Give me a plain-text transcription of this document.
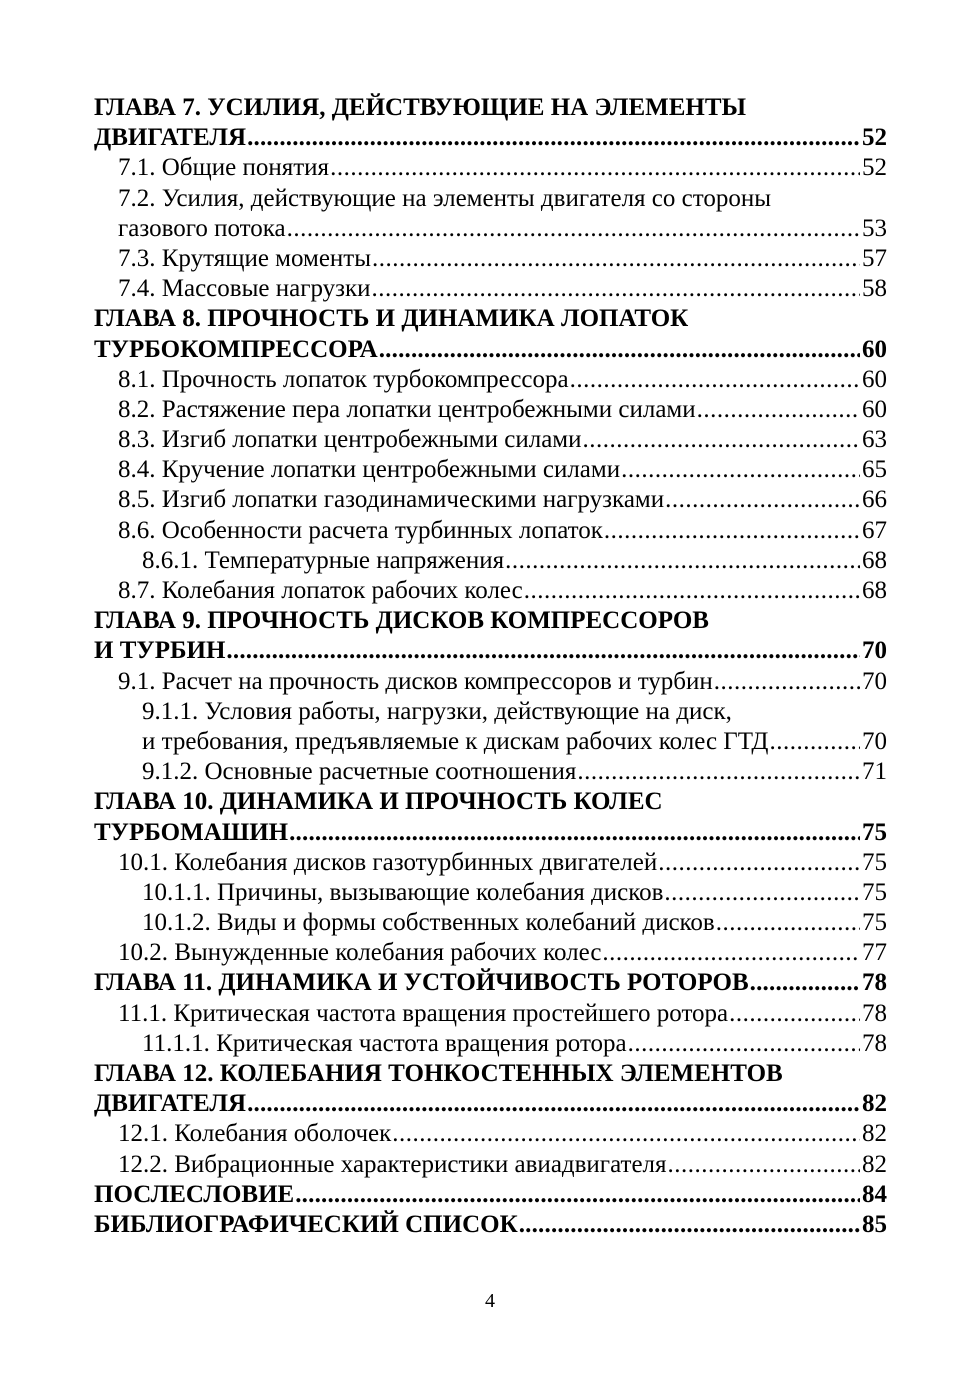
ГЛАВА 7. УСИЛИЯ, ДЕЙСТВУЮЩИЕ НА ЭЛЕМЕНТЫ
ДВИГАТЕЛЯ .....	52
7.1. Общие понятия .....	52
7.2. Усилия, действующие на элементы двигателя со стороны
газового потока .....	53
7.3. Крутящие моменты .....	57
7.4. Массовые нагрузки .....	58
ГЛАВА 8. ПРОЧНОСТЬ И ДИНАМИКА ЛОПАТОК
ТУРБОКОМПРЕССОРА .....	60
8.1. Прочность лопаток турбокомпрессора .....	60
8.2. Растяжение пера лопатки центробежными силами .....	60
8.3. Изгиб лопатки центробежными силами .....	63
8.4. Кручение лопатки центробежными силами .....	65
8.5. Изгиб лопатки газодинамическими нагрузками .....	66
8.6. Особенности расчета турбинных лопаток .....	67
8.6.1. Температурные напряжения .....	68
8.7. Колебания лопаток рабочих колес .....	68
ГЛАВА 9. ПРОЧНОСТЬ ДИСКОВ КОМПРЕССОРОВ
И ТУРБИН .....	70
9.1. Расчет на прочность дисков компрессоров и турбин .....	70
9.1.1. Условия работы, нагрузки, действующие на диск,
и требования, предъявляемые к дискам рабочих колес ГТД .....	70
9.1.2. Основные расчетные соотношения .....	71
ГЛАВА 10. ДИНАМИКА И ПРОЧНОСТЬ КОЛЕС
ТУРБОМАШИН .....	75
10.1. Колебания дисков газотурбинных двигателей .....	75
10.1.1. Причины, вызывающие колебания дисков .....	75
10.1.2. Виды и формы собственных колебаний дисков .....	75
10.2. Вынужденные колебания рабочих колес .....	77
ГЛАВА 11. ДИНАМИКА И УСТОЙЧИВОСТЬ РОТОРОВ .....	78
11.1. Критическая частота вращения простейшего ротора .....	78
11.1.1. Критическая частота вращения ротора .....	78
ГЛАВА 12. КОЛЕБАНИЯ ТОНКОСТЕННЫХ ЭЛЕМЕНТОВ
ДВИГАТЕЛЯ .....	82
12.1. Колебания оболочек .....	82
12.2. Вибрационные характеристики авиадвигателя .....	82
ПОСЛЕСЛОВИЕ .....	84
БИБЛИОГРАФИЧЕСКИЙ СПИСОК .....	85
4
